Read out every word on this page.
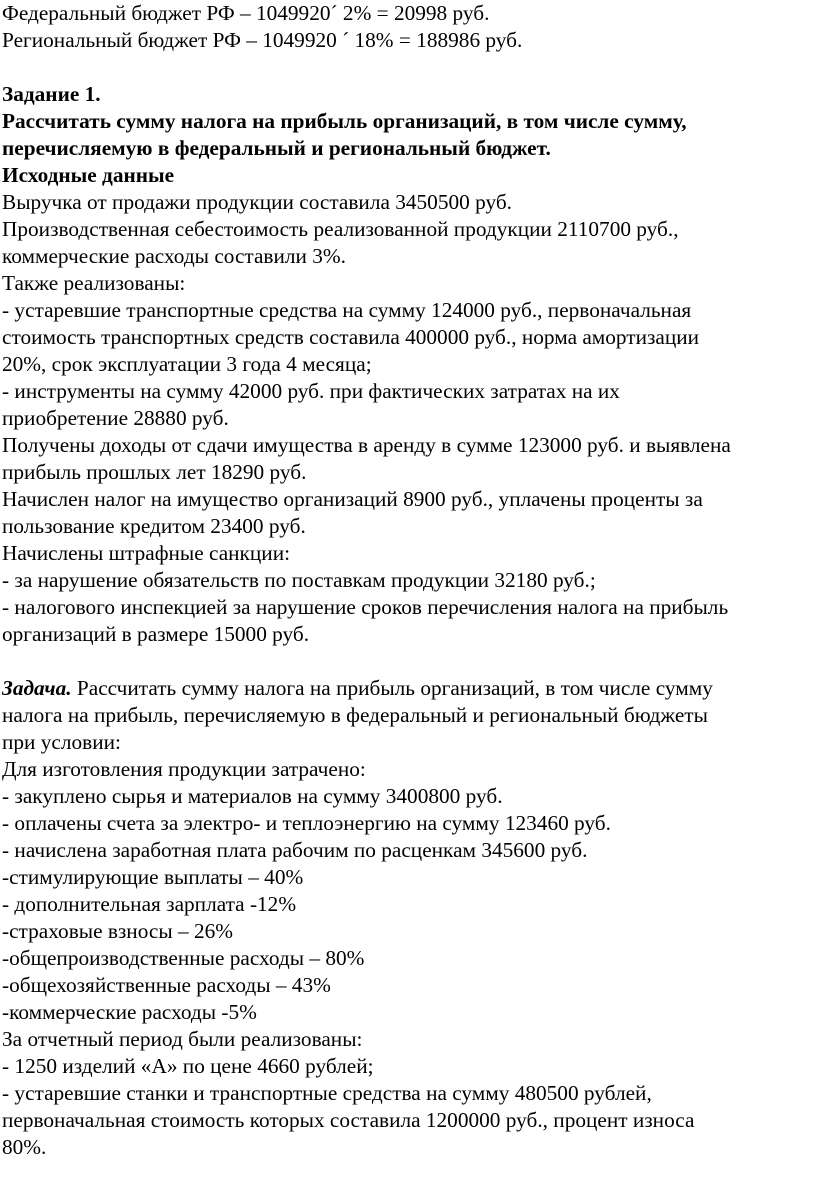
Федеральный бюджет РФ – 1049920´ 2% = 20998 руб.
Региональный бюджет РФ – 1049920 ´ 18% = 188986 руб.
Задание 1.
Рассчитать сумму налога на прибыль организаций, в том числе сумму,
перечисляемую в федеральный и региональный бюджет.
Исходные данные
Выручка от продажи продукции составила 3450500 руб.
Производственная себестоимость реализованной продукции 2110700 руб.,
коммерческие расходы составили 3%.
Также реализованы:
- устаревшие транспортные средства на сумму 124000 руб., первоначальная
стоимость транспортных средств составила 400000 руб., норма амортизации
20%, срок эксплуатации 3 года 4 месяца;
- инструменты на сумму 42000 руб. при фактических затратах на их
приобретение 28880 руб.
Получены доходы от сдачи имущества в аренду в сумме 123000 руб. и выявлена
прибыль прошлых лет 18290 руб.
Начислен налог на имущество организаций 8900 руб., уплачены проценты за
пользование кредитом 23400 руб.
Начислены штрафные санкции:
- за нарушение обязательств по поставкам продукции 32180 руб.;
- налогового инспекцией за нарушение сроков перечисления налога на прибыль
организаций в размере 15000 руб.
Задача. Рассчитать сумму налога на прибыль организаций, в том числе сумму
налога на прибыль, перечисляемую в федеральный и региональный бюджеты
при условии:
Для изготовления продукции затрачено:
- закуплено сырья и материалов на сумму 3400800 руб.
- оплачены счета за электро- и теплоэнергию на сумму 123460 руб.
- начислена заработная плата рабочим по расценкам 345600 руб.
-стимулирующие выплаты – 40%
- дополнительная зарплата -12%
-страховые взносы – 26%
-общепроизводственные расходы – 80%
-общехозяйственные расходы – 43%
-коммерческие расходы -5%
За отчетный период были реализованы:
- 1250 изделий «А» по цене 4660 рублей;
- устаревшие станки и транспортные средства на сумму 480500 рублей,
первоначальная стоимость которых составила 1200000 руб., процент износа
80%.
